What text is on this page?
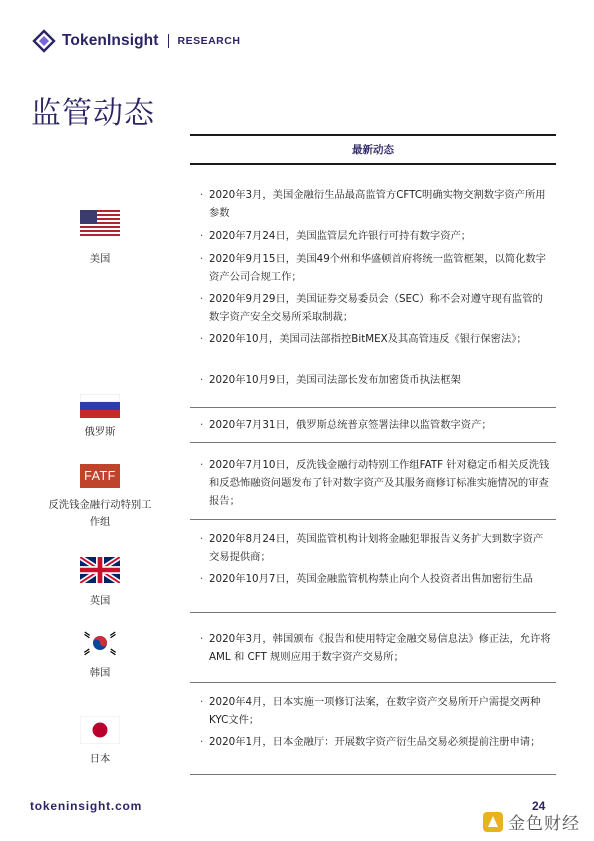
TokenInsight RESEARCH
监管动态
最新动态
美国
· 2020年3月，美国金融衍生品最高监管方CFTC明确实物交割数字资产所用参数
· 2020年7月24日，美国监管层允许银行可持有数字资产；
· 2020年9月15日，美国49个州和华盛顿首府将统一监管框架，以简化数字资产公司合规工作；
· 2020年9月29日，美国证券交易委员会（SEC）称不会对遵守现有监管的数字资产安全交易所采取制裁；
· 2020年10月，美国司法部指控BitMEX及其高管违反《银行保密法》；
· 2020年10月9日，美国司法部长发布加密货币执法框架
俄罗斯
· 2020年7月31日，俄罗斯总统普京签署法律以监管数字资产；
FATF
反洗钱金融行动特别工作组
· 2020年7月10日，反洗钱金融行动特别工作组FATF 针对稳定币相关反洗钱和反恐怖融资问题发布了针对数字资产及其服务商修订标准实施情况的审查报告；
英国
· 2020年8月24日，英国监管机构计划将金融犯罪报告义务扩大到数字资产交易提供商；
· 2020年10月7日，英国金融监管机构禁止向个人投资者出售加密衍生品
韩国
· 2020年3月，韩国颁布《报告和使用特定金融交易信息法》修正法，允许将 AML 和 CFT 规则应用于数字资产交易所；
日本
· 2020年4月，日本实施一项修订法案，在数字资产交易所开户需提交两种KYC文件；
· 2020年1月，日本金融厅：开展数字资产衍生品交易必须提前注册申请；
tokeninsight.com	24
金色财经
